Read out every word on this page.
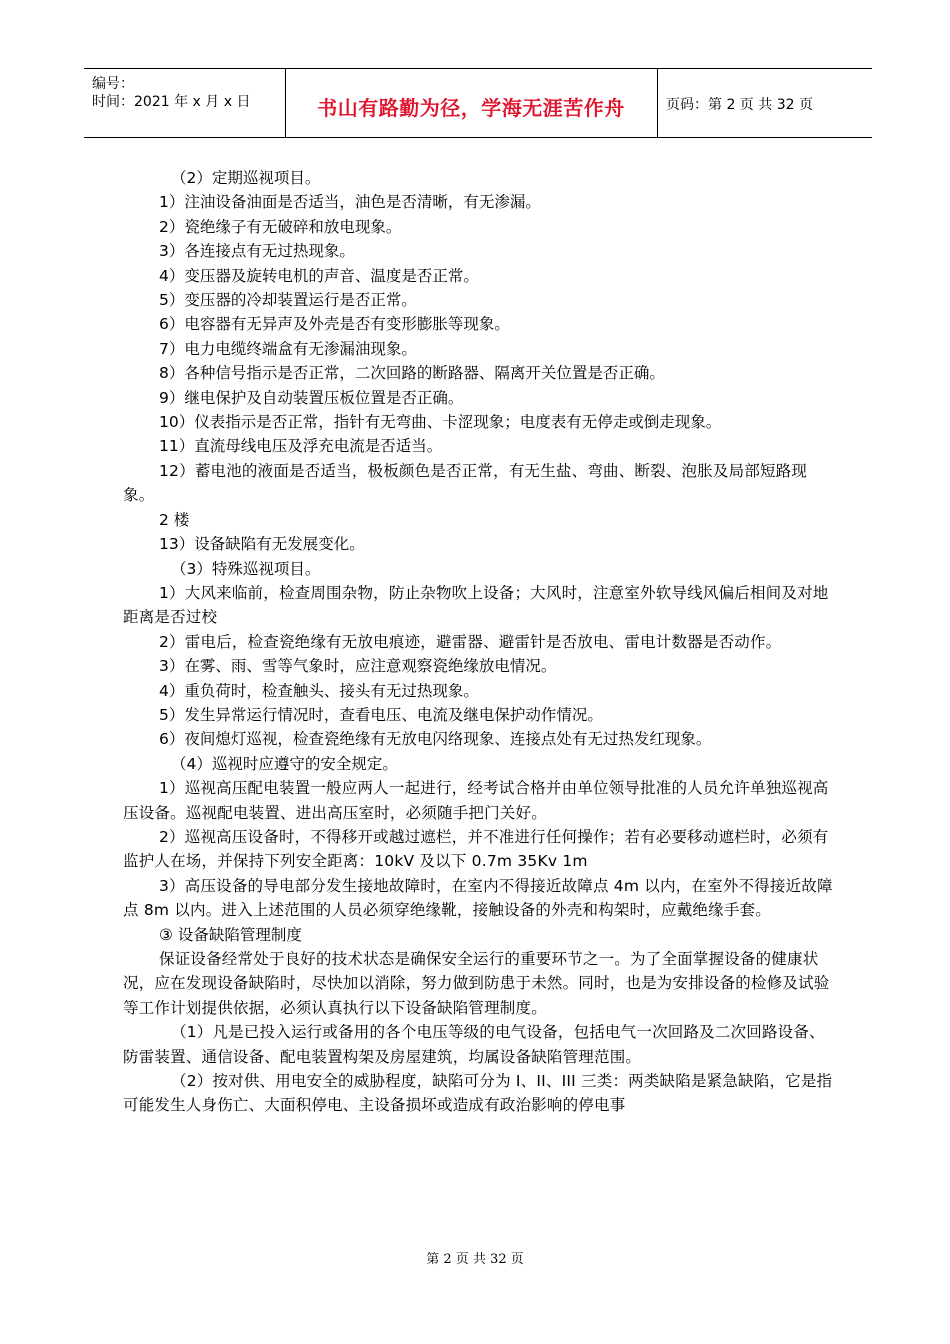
编号：
时间：2021 年 x 月 x 日	书山有路勤为径，学海无涯苦作舟	页码：第 2 页 共 32 页

（2）定期巡视项目。

1）注油设备油面是否适当，油色是否清晰，有无渗漏。

2）瓷绝缘子有无破碎和放电现象。

3）各连接点有无过热现象。

4）变压器及旋转电机的声音、温度是否正常。

5）变压器的冷却装置运行是否正常。

6）电容器有无异声及外壳是否有变形膨胀等现象。

7）电力电缆终端盒有无渗漏油现象。

8）各种信号指示是否正常，二次回路的断路器、隔离开关位置是否正确。

9）继电保护及自动装置压板位置是否正确。

10）仪表指示是否正常，指针有无弯曲、卡涩现象；电度表有无停走或倒走现象。

11）直流母线电压及浮充电流是否适当。

12）蓄电池的液面是否适当，极板颜色是否正常，有无生盐、弯曲、断裂、泡胀及局部短路现象。

2 楼

13）设备缺陷有无发展变化。

（3）特殊巡视项目。

1）大风来临前，检查周围杂物，防止杂物吹上设备；大风时，注意室外软导线风偏后相间及对地距离是否过校

2）雷电后，检查瓷绝缘有无放电痕迹，避雷器、避雷针是否放电、雷电计数器是否动作。

3）在雾、雨、雪等气象时，应注意观察瓷绝缘放电情况。

4）重负荷时，检查触头、接头有无过热现象。

5）发生异常运行情况时，查看电压、电流及继电保护动作情况。

6）夜间熄灯巡视，检查瓷绝缘有无放电闪络现象、连接点处有无过热发红现象。

（4）巡视时应遵守的安全规定。

1）巡视高压配电装置一般应两人一起进行，经考试合格并由单位领导批准的人员允许单独巡视高压设备。巡视配电装置、进出高压室时，必须随手把门关好。

2）巡视高压设备时，不得移开或越过遮栏，并不准进行任何操作；若有必要移动遮栏时，必须有监护人在场，并保持下列安全距离：10kV 及以下 0.7m 35Kv 1m

3）高压设备的导电部分发生接地故障时，在室内不得接近故障点 4m 以内，在室外不得接近故障点 8m 以内。进入上述范围的人员必须穿绝缘靴，接触设备的外壳和构架时，应戴绝缘手套。

③ 设备缺陷管理制度

保证设备经常处于良好的技术状态是确保安全运行的重要环节之一。为了全面掌握设备的健康状况，应在发现设备缺陷时，尽快加以消除，努力做到防患于未然。同时，也是为安排设备的检修及试验等工作计划提供依据，必须认真执行以下设备缺陷管理制度。

（1）凡是已投入运行或备用的各个电压等级的电气设备，包括电气一次回路及二次回路设备、防雷装置、通信设备、配电装置构架及房屋建筑，均属设备缺陷管理范围。

（2）按对供、用电安全的威胁程度，缺陷可分为 I、II、III 三类：两类缺陷是紧急缺陷，它是指可能发生人身伤亡、大面积停电、主设备损坏或造成有政治影响的停电事

第 2 页 共 32 页
